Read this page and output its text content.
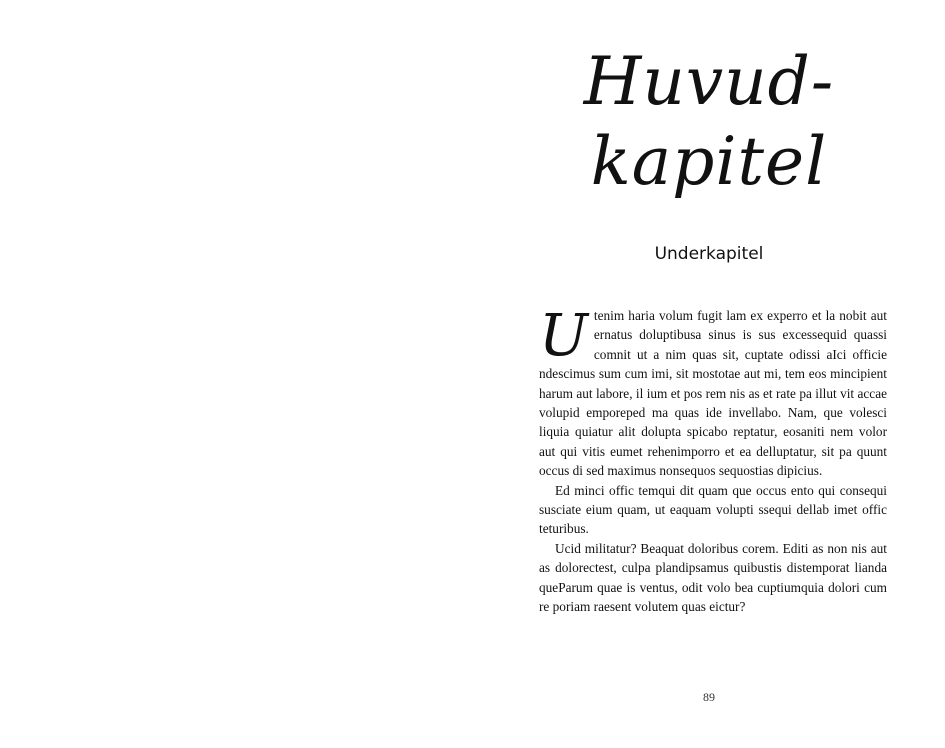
Huvud-
kapitel
Underkapitel

Utenim haria volum fugit lam ex experro et la nobit aut ernatus doluptibusa sinus is sus excessequid quassi comnit ut a nim quas sit, cuptate odissi aIci officie ndescimus sum cum imi, sit mostotae aut mi, tem eos mincipient harum aut labore, il ium et pos rem nis as et rate pa illut vit accae volupid emporeped ma quas ide invellabo. Nam, que volesci liquia quiatur alit dolupta spicabo reptatur, eosaniti nem volor aut qui vitis eumet rehenimporro et ea delluptatur, sit pa quunt occus di sed maximus nonsequos sequostias dipicius.

Ed minci offic temqui dit quam que occus ento qui consequi susciate eium quam, ut eaquam volupti ssequi dellab imet offic teturibus.

Ucid militatur? Beaquat doloribus corem. Editi as non nis aut as dolorectest, culpa plandipsamus quibustis distemporat lianda queParum quae is ventus, odit volo bea cuptiumquia dolori cum re poriam raesent volutem quas eictur?

89
